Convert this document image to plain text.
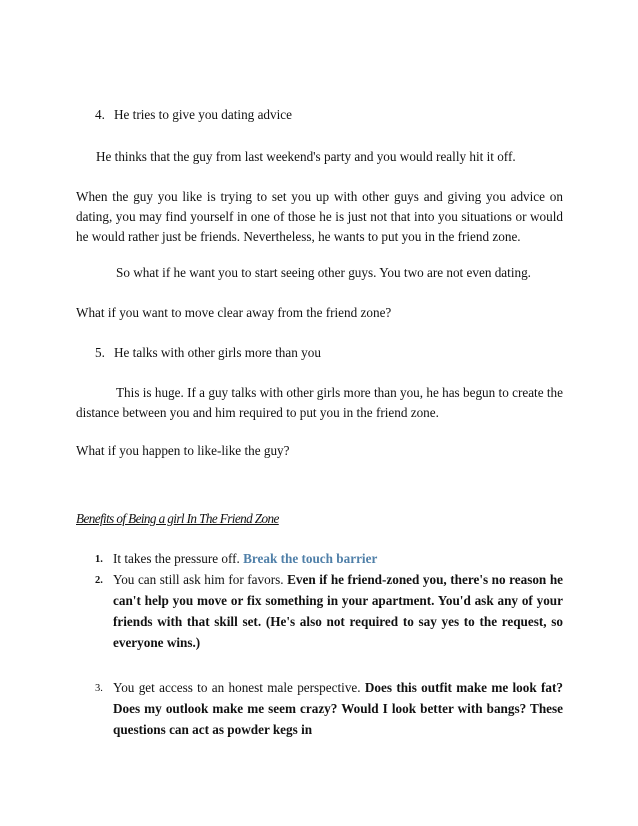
4. He tries to give you dating advice
He thinks that the guy from last weekend's party and you would really hit it off.
When the guy you like is trying to set you up with other guys and giving you advice on dating, you may find yourself in one of those he is just not that into you situations or would he would rather just be friends. Nevertheless, he wants to put you in the friend zone.
So what if he want you to start seeing other guys. You two are not even dating.
What if you want to move clear away from the friend zone?
5. He talks with other girls more than you
This is huge. If a guy talks with other girls more than you, he has begun to create the distance between you and him required to put you in the friend zone.
What if you happen to like-like the guy?
Benefits of Being a girl In The Friend Zone
1. It takes the pressure off. Break the touch barrier
2. You can still ask him for favors. Even if he friend-zoned you, there's no reason he can't help you move or fix something in your apartment. You'd ask any of your friends with that skill set. (He's also not required to say yes to the request, so everyone wins.)
3. You get access to an honest male perspective. Does this outfit make me look fat? Does my outlook make me seem crazy? Would I look better with bangs? These questions can act as powder kegs in
